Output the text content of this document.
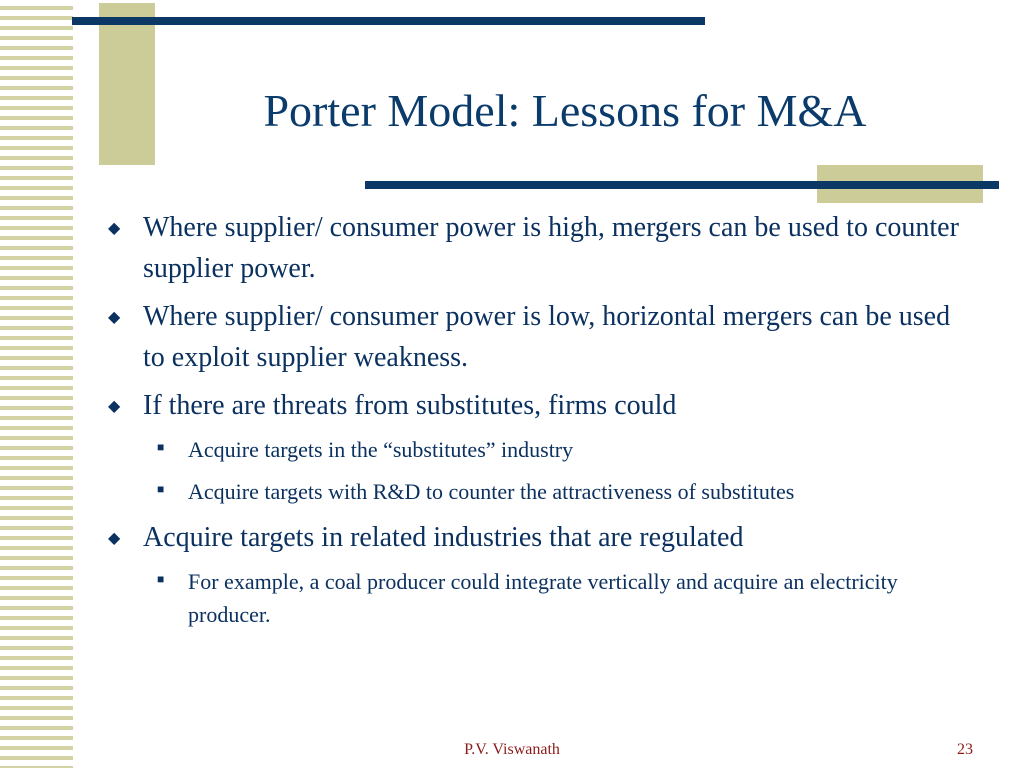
Porter Model: Lessons for M&A
◆ Where supplier/ consumer power is high, mergers can be used to counter supplier power.
◆ Where supplier/ consumer power is low, horizontal mergers can be used to exploit supplier weakness.
◆ If there are threats from substitutes, firms could
■ Acquire targets in the “substitutes” industry
■ Acquire targets with R&D to counter the attractiveness of substitutes
◆ Acquire targets in related industries that are regulated
■ For example, a coal producer could integrate vertically and acquire an electricity producer.
P.V. Viswanath	23
